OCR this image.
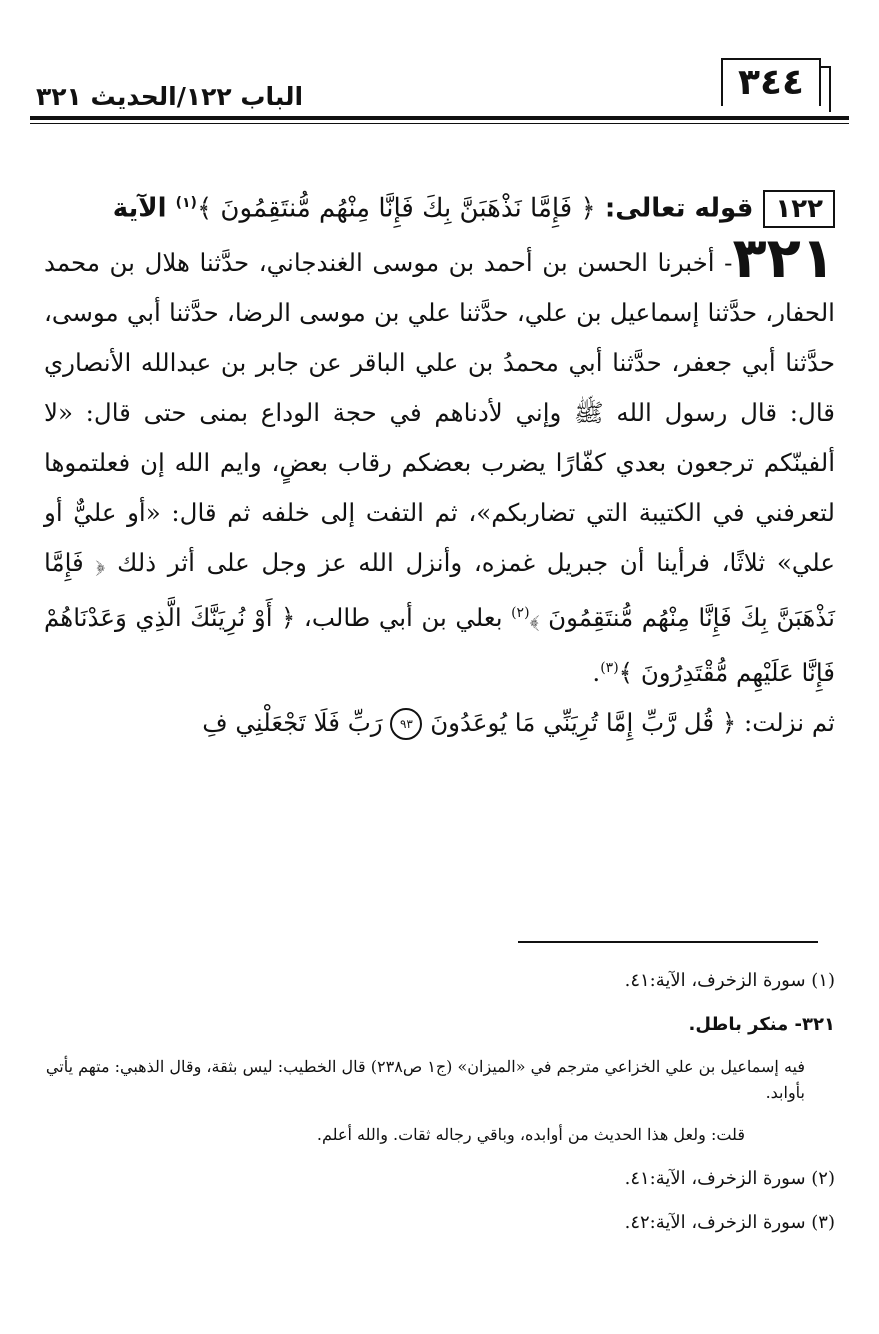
الباب ١٢٢/الحديث ٣٢١	٣٤٤

١٢٢قوله تعالى: ﴿ فَإِمَّا نَذْهَبَنَّ بِكَ فَإِنَّا مِنْهُم مُّنتَقِمُونَ ﴾$^{(١)}$ الآية

٣٢١- أخبرنا الحسن بن أحمد بن موسى الغندجاني، حدَّثنا هلال بن محمد الحفار، حدَّثنا إسماعيل بن علي، حدَّثنا علي بن موسى الرضا، حدَّثنا أبي موسى، حدَّثنا أبي جعفر، حدَّثنا أبي محمدُ بن علي الباقر عن جابر بن عبدالله الأنصاري قال: قال رسول الله ﷺ وإني لأدناهم في حجة الوداع بمنى حتى قال: «لا ألفينّكم ترجعون بعدي كفّارًا يضرب بعضكم رقاب بعضٍ، وايم الله إن فعلتموها لتعرفني في الكتيبة التي تضاربكم»، ثم التفت إلى خلفه ثم قال: «أو عليٌّ أو علي» ثلاثًا، فرأينا أن جبريل غمزه، وأنزل الله عز وجل على أثر ذلك ﴿ فَإِمَّا نَذْهَبَنَّ بِكَ فَإِنَّا مِنْهُم مُّنتَقِمُونَ ﴾$^{(٢)}$ بعلي بن أبي طالب، ﴿ أَوْ نُرِيَنَّكَ الَّذِي وَعَدْنَاهُمْ فَإِنَّا عَلَيْهِم مُّقْتَدِرُونَ ﴾$^{(٣)}$.

ثم نزلت: ﴿ قُل رَّبِّ إِمَّا تُرِيَنِّي مَا يُوعَدُونَ ٩٣ رَبِّ فَلَا تَجْعَلْنِي فِ

(١) سورة الزخرف، الآية:٤١.

٣٢١- منكر باطل.

فيه إسماعيل بن علي الخزاعي مترجم في «الميزان» (ج١ ص٢٣٨) قال الخطيب: ليس بثقة، وقال الذهبي: متهم يأتي بأوابد.

قلت: ولعل هذا الحديث من أوابده، وباقي رجاله ثقات. والله أعلم.

(٢) سورة الزخرف، الآية:٤١.

(٣) سورة الزخرف، الآية:٤٢.
